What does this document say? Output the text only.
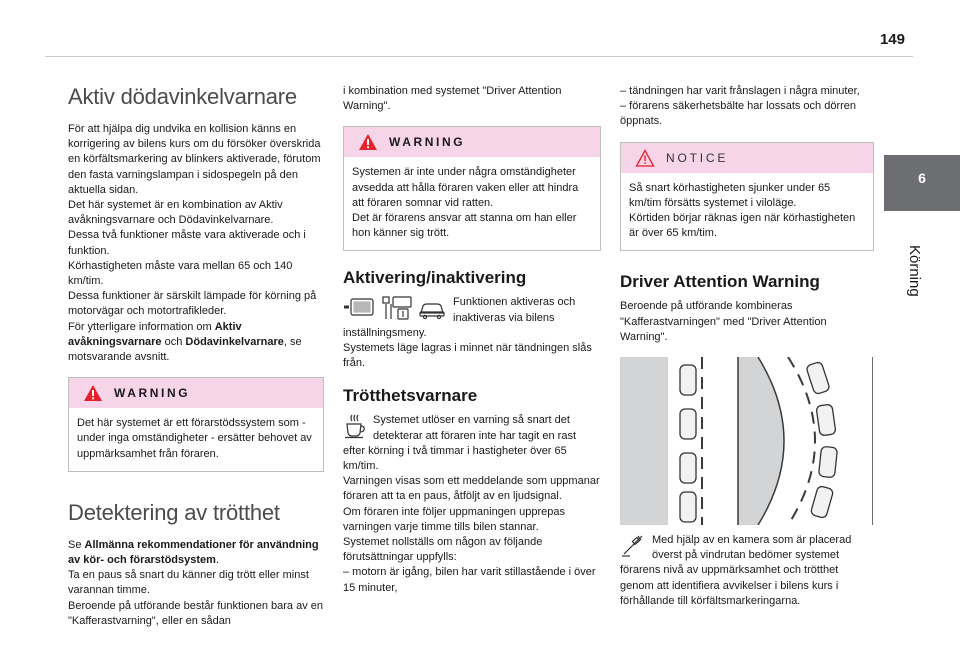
149
6
Körning
Aktiv dödavinkelvarnare

För att hjälpa dig undvika en kollision känns en korrigering av bilens kurs om du försöker överskrida en körfältsmarkering av blinkers aktiverade, förutom den fasta varningslampan i sidospegeln på den aktuella sidan.

Det här systemet är en kombination av Aktiv avåkningsvarnare och Dödavinkelvarnare.

Dessa två funktioner måste vara aktiverade och i funktion.

Körhastigheten måste vara mellan 65 och 140 km/tim.

Dessa funktioner är särskilt lämpade för körning på motorvägar och motortrafikleder.

För ytterligare information om Aktiv avåkningsvarnare och Dödavinkelvarnare, se motsvarande avsnitt.

WARNING

Det här systemet är ett förarstödssystem som - under inga omständigheter - ersätter behovet av uppmärksamhet från föraren.

Detektering av trötthet

Se Allmänna rekommendationer för användning av kör- och förarstödsystem.

Ta en paus så snart du känner dig trött eller minst varannan timme.

Beroende på utförande består funktionen bara av en "Kafferastvarning", eller en sådan

i kombination med systemet "Driver Attention Warning".

WARNING

Systemen är inte under några omständigheter avsedda att hålla föraren vaken eller att hindra att föraren somnar vid ratten.

Det är förarens ansvar att stanna om han eller hon känner sig trött.

Aktivering/inaktivering

Funktionen aktiveras och inaktiveras via bilens inställningsmeny.

Systemets läge lagras i minnet när tändningen slås från.

Trötthetsvarnare

Systemet utlöser en varning så snart det detekterar att föraren inte har tagit en rast efter körning i två timmar i hastigheter över 65 km/tim.

Varningen visas som ett meddelande som uppmanar föraren att ta en paus, åtföljt av en ljudsignal.

Om föraren inte följer uppmaningen upprepas varningen varje timme tills bilen stannar.

Systemet nollställs om någon av följande förutsättningar uppfylls:

– motorn är igång, bilen har varit stillastående i över 15 minuter,

– tändningen har varit frånslagen i några minuter,

– förarens säkerhetsbälte har lossats och dörren öppnats.

NOTICE

Så snart körhastigheten sjunker under 65 km/tim försätts systemet i viloläge.

Körtiden börjar räknas igen när körhastigheten är över 65 km/tim.

Driver Attention Warning

Beroende på utförande kombineras "Kafferastvarningen" med "Driver Attention Warning".

Med hjälp av en kamera som är placerad överst på vindrutan bedömer systemet förarens nivå av uppmärksamhet och trötthet genom att identifiera avvikelser i bilens kurs i förhållande till körfältsmarkeringarna.
